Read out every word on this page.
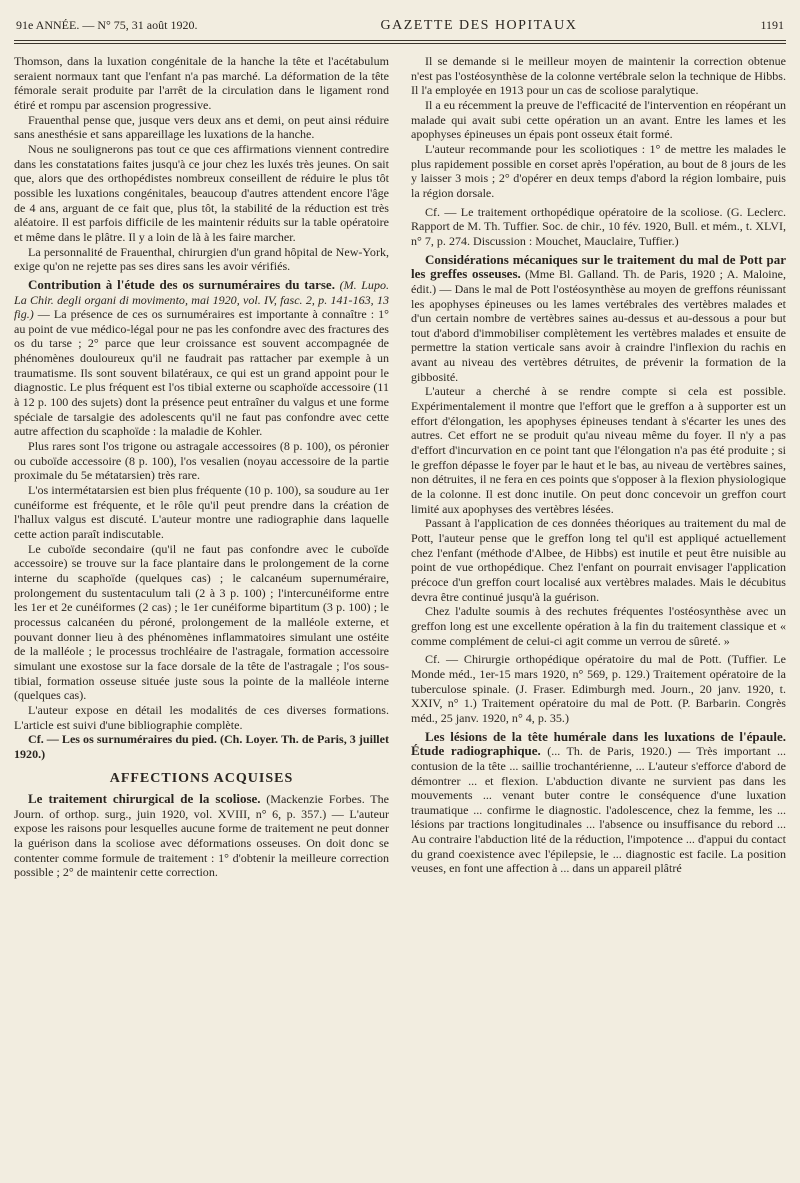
91e ANNÉE. — N° 75, 31 août 1920.	GAZETTE DES HOPITAUX	1191

Thomson, dans la luxation congénitale de la hanche la tête et l'acétabulum seraient normaux tant que l'enfant n'a pas marché. La déformation de la tête fémorale serait produite par l'arrêt de la circulation dans le ligament rond étiré et rompu par ascension progressive.

Frauenthal pense que, jusque vers deux ans et demi, on peut ainsi réduire sans anesthésie et sans appareillage les luxations de la hanche.

Nous ne soulignerons pas tout ce que ces affirmations viennent contredire dans les constatations faites jusqu'à ce jour chez les luxés très jeunes. On sait que, alors que des orthopédistes nombreux conseillent de réduire le plus tôt possible les luxations congénitales, beaucoup d'autres attendent encore l'âge de 4 ans, arguant de ce fait que, plus tôt, la stabilité de la réduction est très aléatoire. Il est parfois difficile de les maintenir réduits sur la table opératoire et même dans le plâtre. Il y a loin de là à les faire marcher.

La personnalité de Frauenthal, chirurgien d'un grand hôpital de New-York, exige qu'on ne rejette pas ses dires sans les avoir vérifiés.

Contribution à l'étude des os surnuméraires du tarse. (M. Lupo. La Chir. degli organi di movimento, mai 1920, vol. IV, fasc. 2, p. 141-163, 13 fig.) — La présence de ces os surnuméraires est importante à connaître : 1° au point de vue médico-légal pour ne pas les confondre avec des fractures des os du tarse ; 2° parce que leur croissance est souvent accompagnée de phénomènes douloureux qu'il ne faudrait pas rattacher par exemple à un traumatisme. Ils sont souvent bilatéraux, ce qui est un grand appoint pour le diagnostic. Le plus fréquent est l'os tibial externe ou scaphoïde accessoire (11 à 12 p. 100 des sujets) dont la présence peut entraîner du valgus et une forme spéciale de tarsalgie des adolescents qu'il ne faut pas confondre avec cette autre affection du scaphoïde : la maladie de Kohler.

Plus rares sont l'os trigone ou astragale accessoires (8 p. 100), os péronier ou cuboïde accessoire (8 p. 100), l'os vesalien (noyau accessoire de la partie proximale du 5e métatarsien) très rare.

L'os intermétatarsien est bien plus fréquente (10 p. 100), sa soudure au 1er cunéiforme est fréquente, et le rôle qu'il peut prendre dans la création de l'hallux valgus est discuté. L'auteur montre une radiographie dans laquelle cette action paraît indiscutable.

Le cuboïde secondaire (qu'il ne faut pas confondre avec le cuboïde accessoire) se trouve sur la face plantaire dans le prolongement de la corne interne du scaphoïde (quelques cas) ; le calcanéum supernuméraire, prolongement du sustentaculum tali (2 à 3 p. 100) ; l'intercunéiforme entre les 1er et 2e cunéiformes (2 cas) ; le 1er cunéiforme bipartitum (3 p. 100) ; le processus calcanéen du péroné, prolongement de la malléole externe, et pouvant donner lieu à des phénomènes inflammatoires simulant une ostéite de la malléole ; le processus trochléaire de l'astragale, formation accessoire simulant une exostose sur la face dorsale de la tête de l'astragale ; l'os sous-tibial, formation osseuse située juste sous la pointe de la malléole interne (quelques cas).

L'auteur expose en détail les modalités de ces diverses formations. L'article est suivi d'une bibliographie complète.

Cf. — Les os surnuméraires du pied. (Ch. Loyer. Th. de Paris, 3 juillet 1920.)

AFFECTIONS ACQUISES

Le traitement chirurgical de la scoliose. (Mackenzie Forbes. The Journ. of orthop. surg., juin 1920, vol. XVIII, n° 6, p. 357.) — L'auteur expose les raisons pour lesquelles aucune forme de traitement ne peut donner la guérison dans la scoliose avec déformations osseuses. On doit donc se contenter comme formule de traitement : 1° d'obtenir la meilleure correction possible ; 2° de maintenir cette correction.

Il se demande si le meilleur moyen de maintenir la correction obtenue n'est pas l'ostéosynthèse de la colonne vertébrale selon la technique de Hibbs. Il l'a employée en 1913 pour un cas de scoliose paralytique.

Il a eu récemment la preuve de l'efficacité de l'intervention en réopérant un malade qui avait subi cette opération un an avant. Entre les lames et les apophyses épineuses un épais pont osseux était formé.

L'auteur recommande pour les scoliotiques : 1° de mettre les malades le plus rapidement possible en corset après l'opération, au bout de 8 jours de les y laisser 3 mois ; 2° d'opérer en deux temps d'abord la région lombaire, puis la région dorsale.

Cf. — Le traitement orthopédique opératoire de la scoliose. (G. Leclerc. Rapport de M. Th. Tuffier. Soc. de chir., 10 fév. 1920, Bull. et mém., t. XLVI, n° 7, p. 274. Discussion : Mouchet, Mauclaire, Tuffier.)

Considérations mécaniques sur le traitement du mal de Pott par les greffes osseuses. (Mme Bl. Galland. Th. de Paris, 1920 ; A. Maloine, édit.) — Dans le mal de Pott l'ostéosynthèse au moyen de greffons réunissant les apophyses épineuses ou les lames vertébrales des vertèbres malades et d'un certain nombre de vertèbres saines au-dessus et au-dessous a pour but tout d'abord d'immobiliser complètement les vertèbres malades et ensuite de permettre la station verticale sans avoir à craindre l'inflexion du rachis en avant au niveau des vertèbres détruites, de prévenir la formation de la gibbosité.

L'auteur a cherché à se rendre compte si cela est possible. Expérimentalement il montre que l'effort que le greffon a à supporter est un effort d'élongation, les apophyses épineuses tendant à s'écarter les unes des autres. Cet effort ne se produit qu'au niveau même du foyer. Il n'y a pas d'effort d'incurvation en ce point tant que l'élongation n'a pas été produite ; si le greffon dépasse le foyer par le haut et le bas, au niveau de vertèbres saines, non détruites, il ne fera en ces points que s'opposer à la flexion physiologique de la colonne. Il est donc inutile. On peut donc concevoir un greffon court limité aux apophyses des vertèbres lésées.

Passant à l'application de ces données théoriques au traitement du mal de Pott, l'auteur pense que le greffon long tel qu'il est appliqué actuellement chez l'enfant (méthode d'Albee, de Hibbs) est inutile et peut être nuisible au point de vue orthopédique. Chez l'enfant on pourrait envisager l'application précoce d'un greffon court localisé aux vertèbres malades. Mais le décubitus devra être continué jusqu'à la guérison.

Chez l'adulte soumis à des rechutes fréquentes l'ostéosynthèse avec un greffon long est une excellente opération à la fin du traitement classique et « comme complément de celui-ci agit comme un verrou de sûreté. »

Cf. — Chirurgie orthopédique opératoire du mal de Pott. (Tuffier. Le Monde méd., 1er-15 mars 1920, n° 569, p. 129.) Traitement opératoire de la tuberculose spinale. (J. Fraser. Edimburgh med. Journ., 20 janv. 1920, t. XXIV, n° 1.) Traitement opératoire du mal de Pott. (P. Barbarin. Congrès méd., 25 janv. 1920, n° 4, p. 35.)

Les lésions de la tête humérale dans les luxations de l'épaule. Étude radiographique. (... Th. de Paris, 1920.) — Très important ... contusion de la tête ... saillie trochantérienne, ... L'auteur s'efforce d'abord de démontrer ... et flexion. L'abduction divante ne survient pas dans les mouvements ... venant buter contre le conséquence d'une luxation traumatique ... confirme le diagnostic. l'adolescence, chez la femme, les ... lésions par tractions longitudinales ... l'absence ou insuffisance du rebord ... Au contraire l'abduction lité de la réduction, l'impotence ... d'appui du contact du grand coexistence avec l'épilepsie, le ... diagnostic est facile. La position veuses, en font une affection à ... dans un appareil plâtré
